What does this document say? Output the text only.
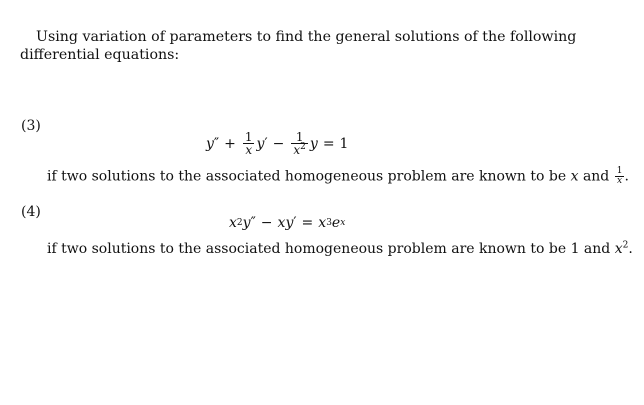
Using variation of parameters to find the general solutions of the following differential equations:
(3)
y ″ + $\frac{1}{x}$ y ′ − $\frac{1}{x^2}$ y = 1
if two solutions to the associated homogeneous problem are known to be x and $\frac{1}{x}$ .
(4)
x 2 y ″ − x y ′ = x 3 e x
if two solutions to the associated homogeneous problem are known to be 1 and $x^2$.
